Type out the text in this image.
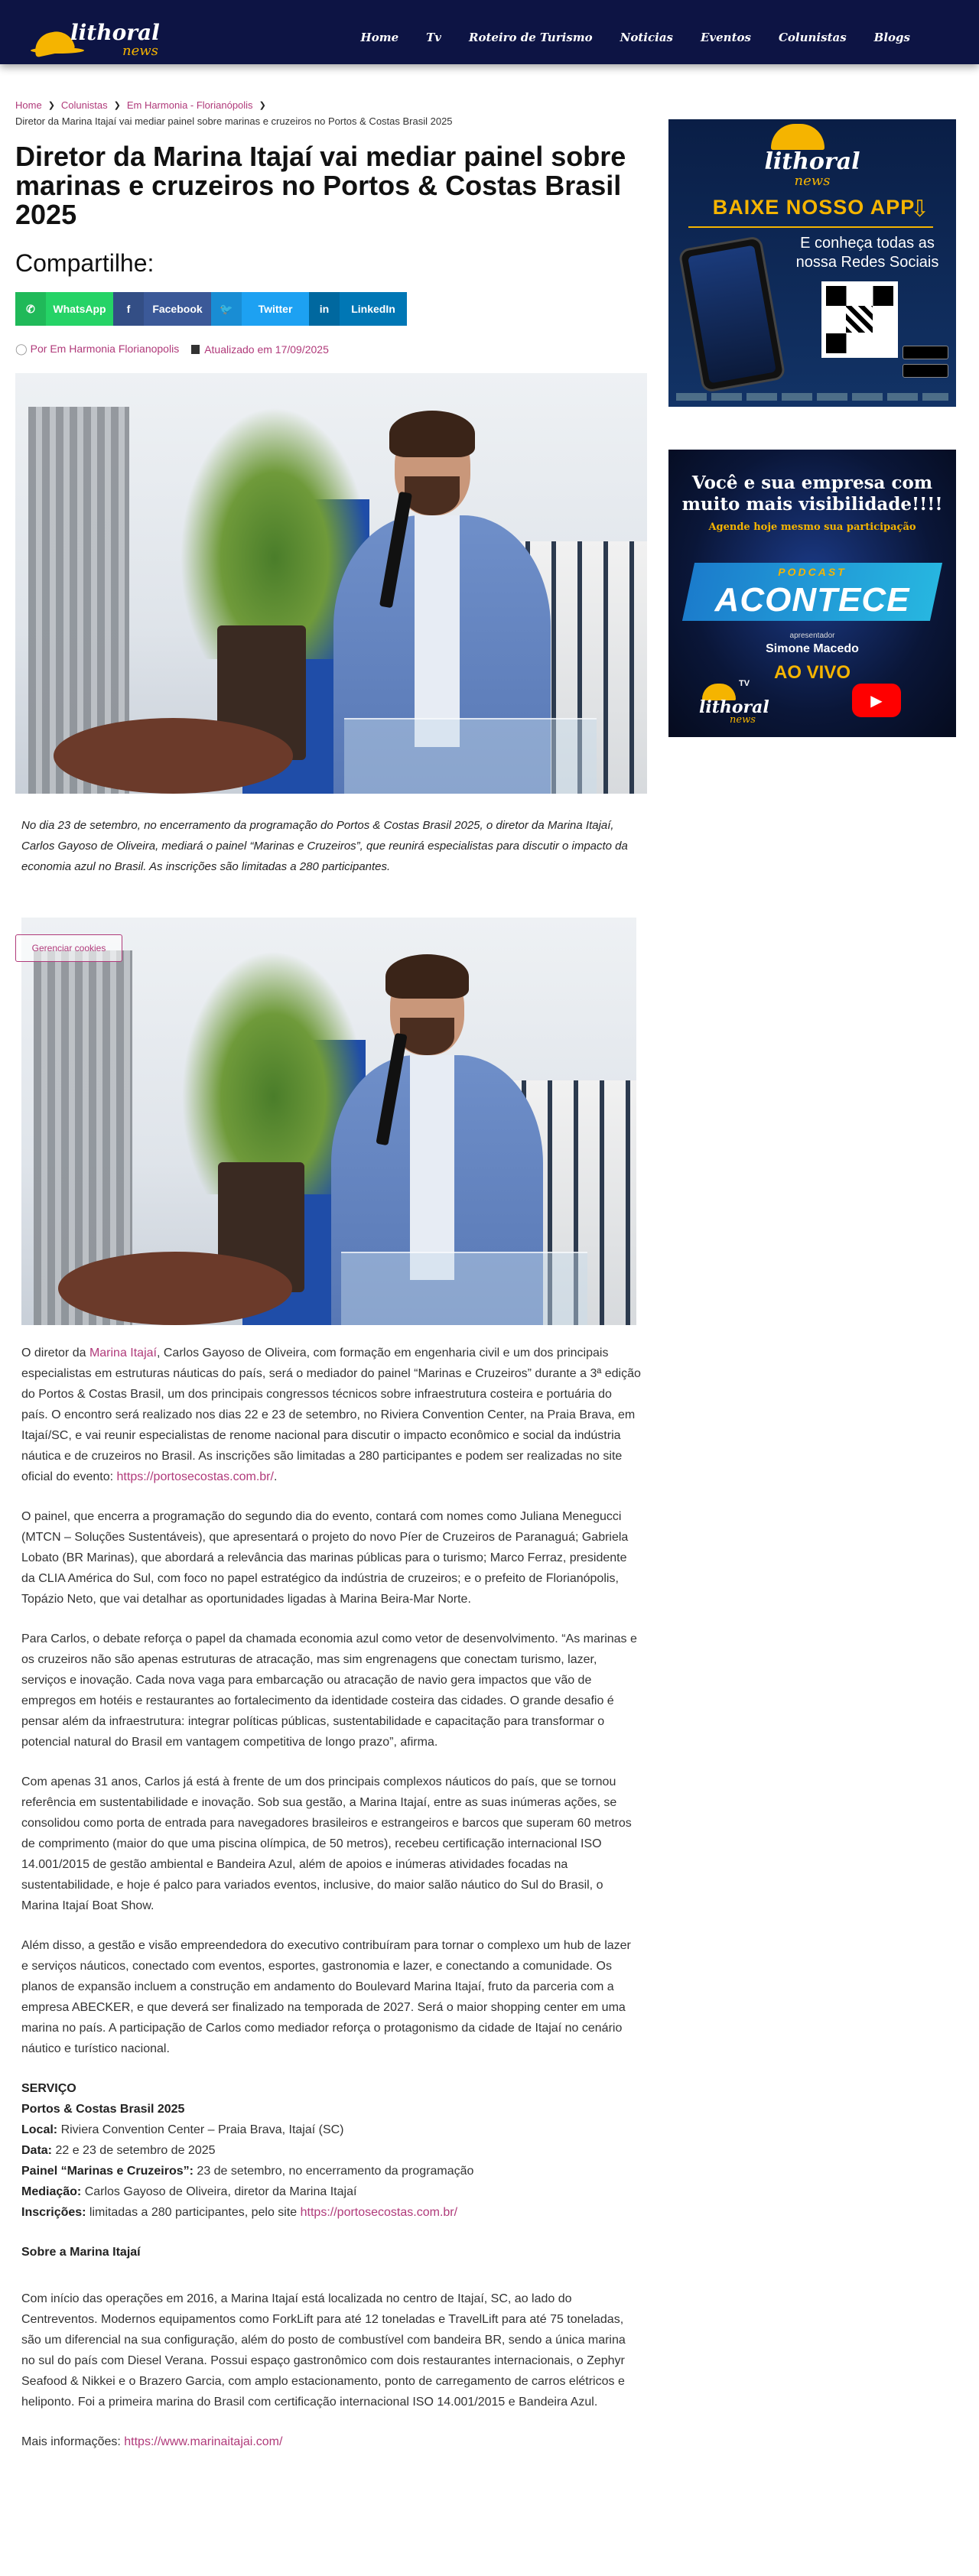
lithoral
news
Home Tv Roteiro de Turismo Noticias Eventos Colunistas Blogs
Home ❯ Colunistas ❯ Em Harmonia - Florianópolis ❯
Diretor da Marina Itajaí vai mediar painel sobre marinas e cruzeiros no Portos & Costas Brasil 2025
Diretor da Marina Itajaí vai mediar painel sobre marinas e cruzeiros no Portos & Costas Brasil 2025
Compartilhe:
✆	WhatsApp	f	Facebook	🐦	Twitter	in	LinkedIn
◯ Por Em Harmonia Florianopolis	Atualizado em 17/09/2025
No dia 23 de setembro, no encerramento da programação do Portos & Costas Brasil 2025, o diretor da Marina Itajaí, Carlos Gayoso de Oliveira, mediará o painel “Marinas e Cruzeiros”, que reunirá especialistas para discutir o impacto da economia azul no Brasil. As inscrições são limitadas a 280 participantes.
Gerenciar cookies

O diretor da Marina Itajaí, Carlos Gayoso de Oliveira, com formação em engenharia civil e um dos principais especialistas em estruturas náuticas do país, será o mediador do painel “Marinas e Cruzeiros” durante a 3ª edição do Portos & Costas Brasil, um dos principais congressos técnicos sobre infraestrutura costeira e portuária do país. O encontro será realizado nos dias 22 e 23 de setembro, no Riviera Convention Center, na Praia Brava, em Itajaí/SC, e vai reunir especialistas de renome nacional para discutir o impacto econômico e social da indústria náutica e de cruzeiros no Brasil. As inscrições são limitadas a 280 participantes e podem ser realizadas no site oficial do evento: https://portosecostas.com.br/.

O painel, que encerra a programação do segundo dia do evento, contará com nomes como Juliana Menegucci (MTCN – Soluções Sustentáveis), que apresentará o projeto do novo Píer de Cruzeiros de Paranaguá; Gabriela Lobato (BR Marinas), que abordará a relevância das marinas públicas para o turismo; Marco Ferraz, presidente da CLIA América do Sul, com foco no papel estratégico da indústria de cruzeiros; e o prefeito de Florianópolis, Topázio Neto, que vai detalhar as oportunidades ligadas à Marina Beira-Mar Norte.

Para Carlos, o debate reforça o papel da chamada economia azul como vetor de desenvolvimento. “As marinas e os cruzeiros não são apenas estruturas de atracação, mas sim engrenagens que conectam turismo, lazer, serviços e inovação. Cada nova vaga para embarcação ou atracação de navio gera impactos que vão de empregos em hotéis e restaurantes ao fortalecimento da identidade costeira das cidades. O grande desafio é pensar além da infraestrutura: integrar políticas públicas, sustentabilidade e capacitação para transformar o potencial natural do Brasil em vantagem competitiva de longo prazo”, afirma.

Com apenas 31 anos, Carlos já está à frente de um dos principais complexos náuticos do país, que se tornou referência em sustentabilidade e inovação. Sob sua gestão, a Marina Itajaí, entre as suas inúmeras ações, se consolidou como porta de entrada para navegadores brasileiros e estrangeiros e barcos que superam 60 metros de comprimento (maior do que uma piscina olímpica, de 50 metros), recebeu certificação internacional ISO 14.001/2015 de gestão ambiental e Bandeira Azul, além de apoios e inúmeras atividades focadas na sustentabilidade, e hoje é palco para variados eventos, inclusive, do maior salão náutico do Sul do Brasil, o Marina Itajaí Boat Show.

Além disso, a gestão e visão empreendedora do executivo contribuíram para tornar o complexo um hub de lazer e serviços náuticos, conectado com eventos, esportes, gastronomia e lazer, e conectando a comunidade. Os planos de expansão incluem a construção em andamento do Boulevard Marina Itajaí, fruto da parceria com a empresa ABECKER, e que deverá ser finalizado na temporada de 2027. Será o maior shopping center em uma marina no país. A participação de Carlos como mediador reforça o protagonismo da cidade de Itajaí no cenário náutico e turístico nacional.

SERVIÇO
Portos & Costas Brasil 2025
Local: Riviera Convention Center – Praia Brava, Itajaí (SC)
Data: 22 e 23 de setembro de 2025
Painel “Marinas e Cruzeiros”: 23 de setembro, no encerramento da programação
Mediação: Carlos Gayoso de Oliveira, diretor da Marina Itajaí
Inscrições: limitadas a 280 participantes, pelo site https://portosecostas.com.br/

Sobre a Marina Itajaí

Com início das operações em 2016, a Marina Itajaí está localizada no centro de Itajaí, SC, ao lado do Centreventos. Modernos equipamentos como ForkLift para até 12 toneladas e TravelLift para até 75 toneladas, são um diferencial na sua configuração, além do posto de combustível com bandeira BR, sendo a única marina no sul do país com Diesel Verana. Possui espaço gastronômico com dois restaurantes internacionais, o Zephyr Seafood & Nikkei e o Brazero Garcia, com amplo estacionamento, ponto de carregamento de carros elétricos e heliponto. Foi a primeira marina do Brasil com certificação internacional ISO 14.001/2015 e Bandeira Azul.

Mais informações: https://www.marinaitajai.com/

lithoral
news
BAIXE NOSSO APP
⇩
E conheça todas as nossa Redes Sociais
Você e sua empresa com muito mais visibilidade!!!!
Agende hoje mesmo sua participação
PODCAST
ACONTECE
apresentador
Simone Macedo
AO VIVO
TV
lithoral
news
▶
